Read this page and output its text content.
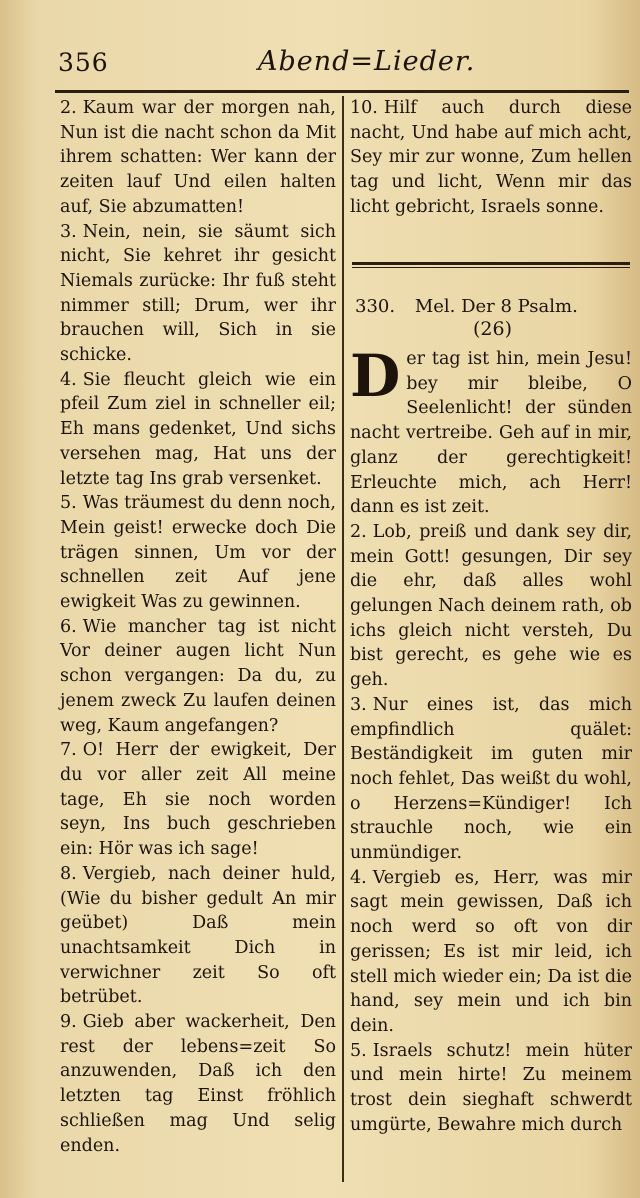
356	Abend=Lieder.

2. Kaum war der morgen nah, Nun ist die nacht schon da Mit ihrem schatten: Wer kann der zeiten lauf Und eilen halten auf, Sie abzumatten!

3. Nein, nein, sie säumt sich nicht, Sie kehret ihr gesicht Niemals zurücke: Ihr fuß steht nimmer still; Drum, wer ihr brauchen will, Sich in sie schicke.

4. Sie fleucht gleich wie ein pfeil Zum ziel in schneller eil; Eh mans gedenket, Und sichs versehen mag, Hat uns der letzte tag Ins grab versenket.

5. Was träumest du denn noch, Mein geist! erwecke doch Die trägen sinnen, Um vor der schnellen zeit Auf jene ewigkeit Was zu gewinnen.

6. Wie mancher tag ist nicht Vor deiner augen licht Nun schon vergangen: Da du, zu jenem zweck Zu laufen deinen weg, Kaum angefangen?

7. O! Herr der ewigkeit, Der du vor aller zeit All meine tage, Eh sie noch worden seyn, Ins buch geschrieben ein: Hör was ich sage!

8. Vergieb, nach deiner huld, (Wie du bisher gedult An mir geübet) Daß mein unachtsamkeit Dich in verwichner zeit So oft betrübet.

9. Gieb aber wackerheit, Den rest der lebens=zeit So anzuwenden, Daß ich den letzten tag Einst fröhlich schließen mag Und selig enden.

10. Hilf auch durch diese nacht, Und habe auf mich acht, Sey mir zur wonne, Zum hellen tag und licht, Wenn mir das licht gebricht, Israels sonne.

330. Mel. Der 8 Psalm.
(26)

Der tag ist hin, mein Jesu! bey mir bleibe, O Seelenlicht! der sünden nacht vertreibe. Geh auf in mir, glanz der gerechtigkeit! Erleuchte mich, ach Herr! dann es ist zeit.

2. Lob, preiß und dank sey dir, mein Gott! gesungen, Dir sey die ehr, daß alles wohl gelungen Nach deinem rath, ob ichs gleich nicht versteh, Du bist gerecht, es gehe wie es geh.

3. Nur eines ist, das mich empfindlich quälet: Beständigkeit im guten mir noch fehlet, Das weißt du wohl, o Herzens=Kündiger! Ich strauchle noch, wie ein unmündiger.

4. Vergieb es, Herr, was mir sagt mein gewissen, Daß ich noch werd so oft von dir gerissen; Es ist mir leid, ich stell mich wieder ein; Da ist die hand, sey mein und ich bin dein.

5. Israels schutz! mein hüter und mein hirte! Zu meinem trost dein sieghaft schwerdt umgürte, Bewahre mich durch
